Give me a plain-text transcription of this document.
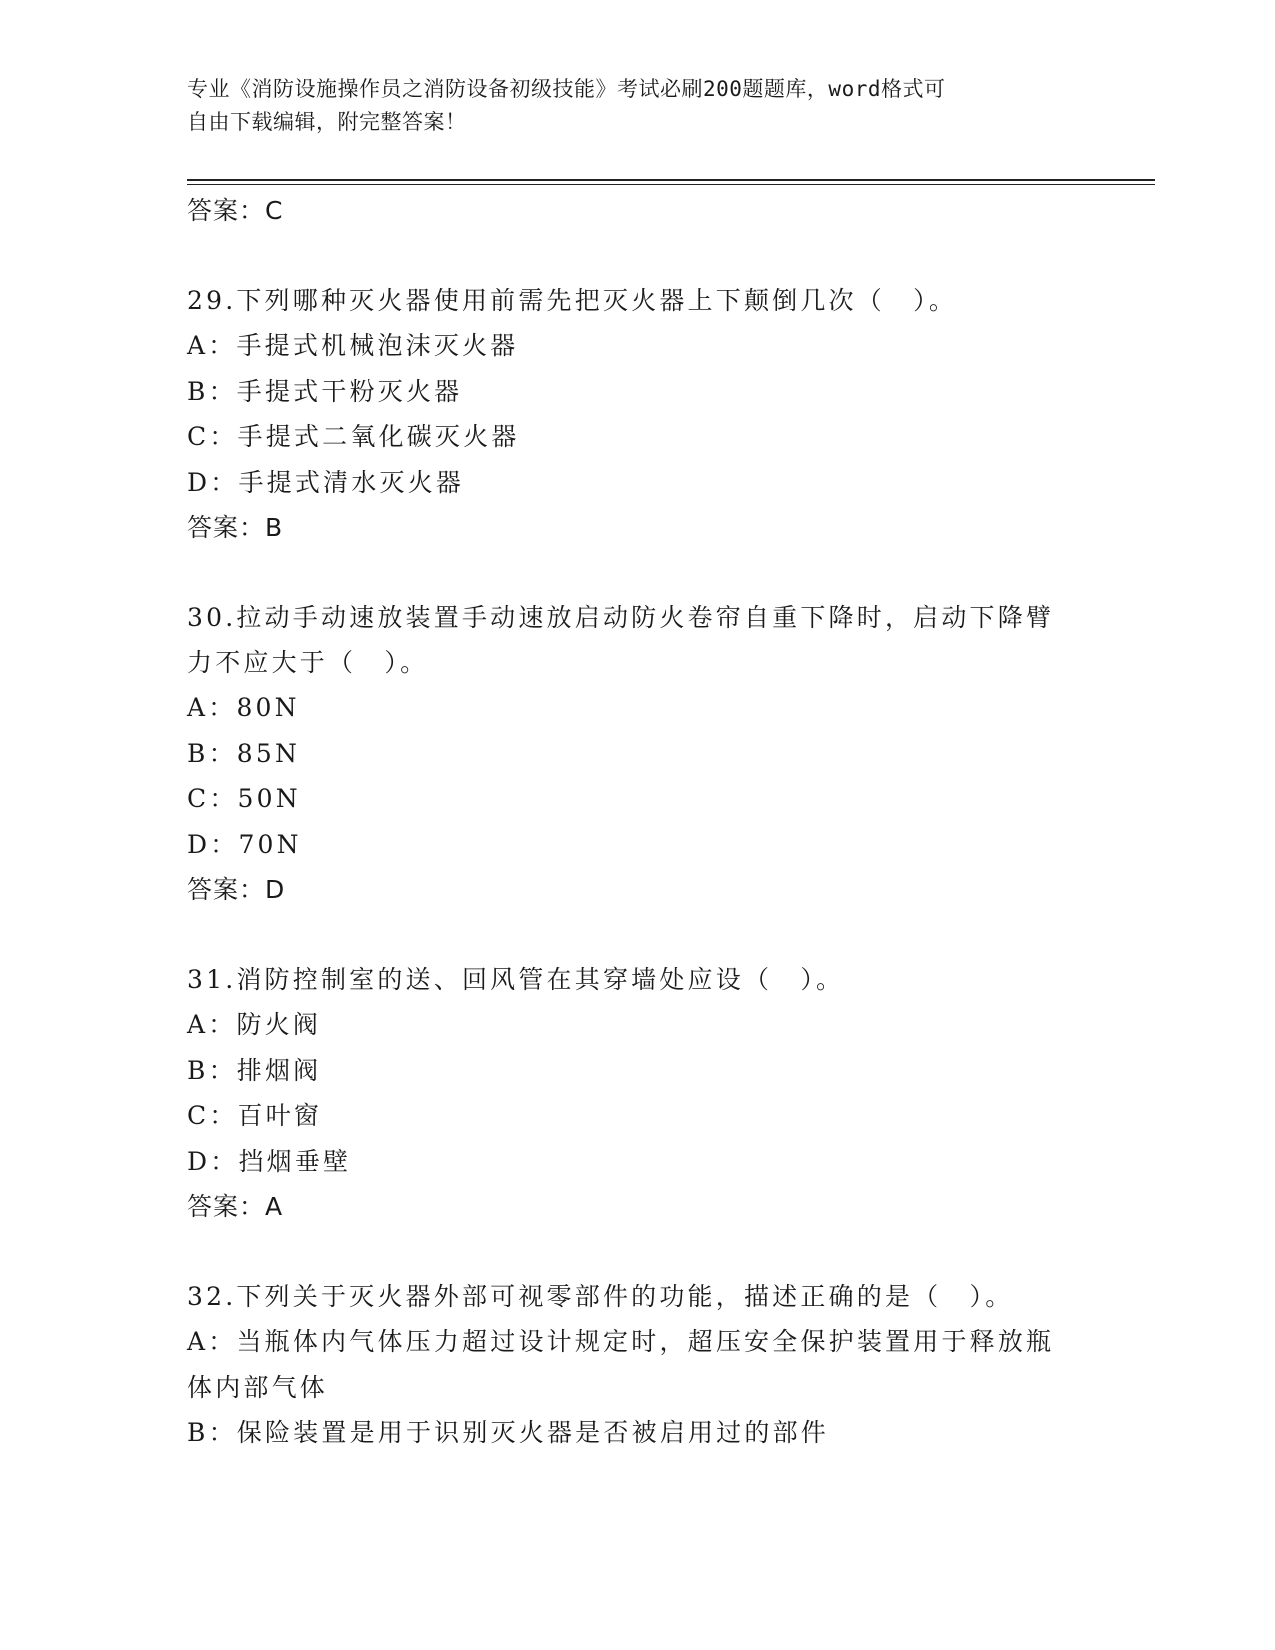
专业《消防设施操作员之消防设备初级技能》考试必刷200题题库，word格式可
自由下载编辑，附完整答案！
答案：C
29.下列哪种灭火器使用前需先把灭火器上下颠倒几次（　）。
A：手提式机械泡沫灭火器
B：手提式干粉灭火器
C：手提式二氧化碳灭火器
D：手提式清水灭火器
答案：B
30.拉动手动速放装置手动速放启动防火卷帘自重下降时，启动下降臂
力不应大于（　）。
A：80N
B：85N
C：50N
D：70N
答案：D
31.消防控制室的送、回风管在其穿墙处应设（　）。
A：防火阀
B：排烟阀
C：百叶窗
D：挡烟垂壁
答案：A
32.下列关于灭火器外部可视零部件的功能，描述正确的是（　）。
A：当瓶体内气体压力超过设计规定时，超压安全保护装置用于释放瓶
体内部气体
B：保险装置是用于识别灭火器是否被启用过的部件
